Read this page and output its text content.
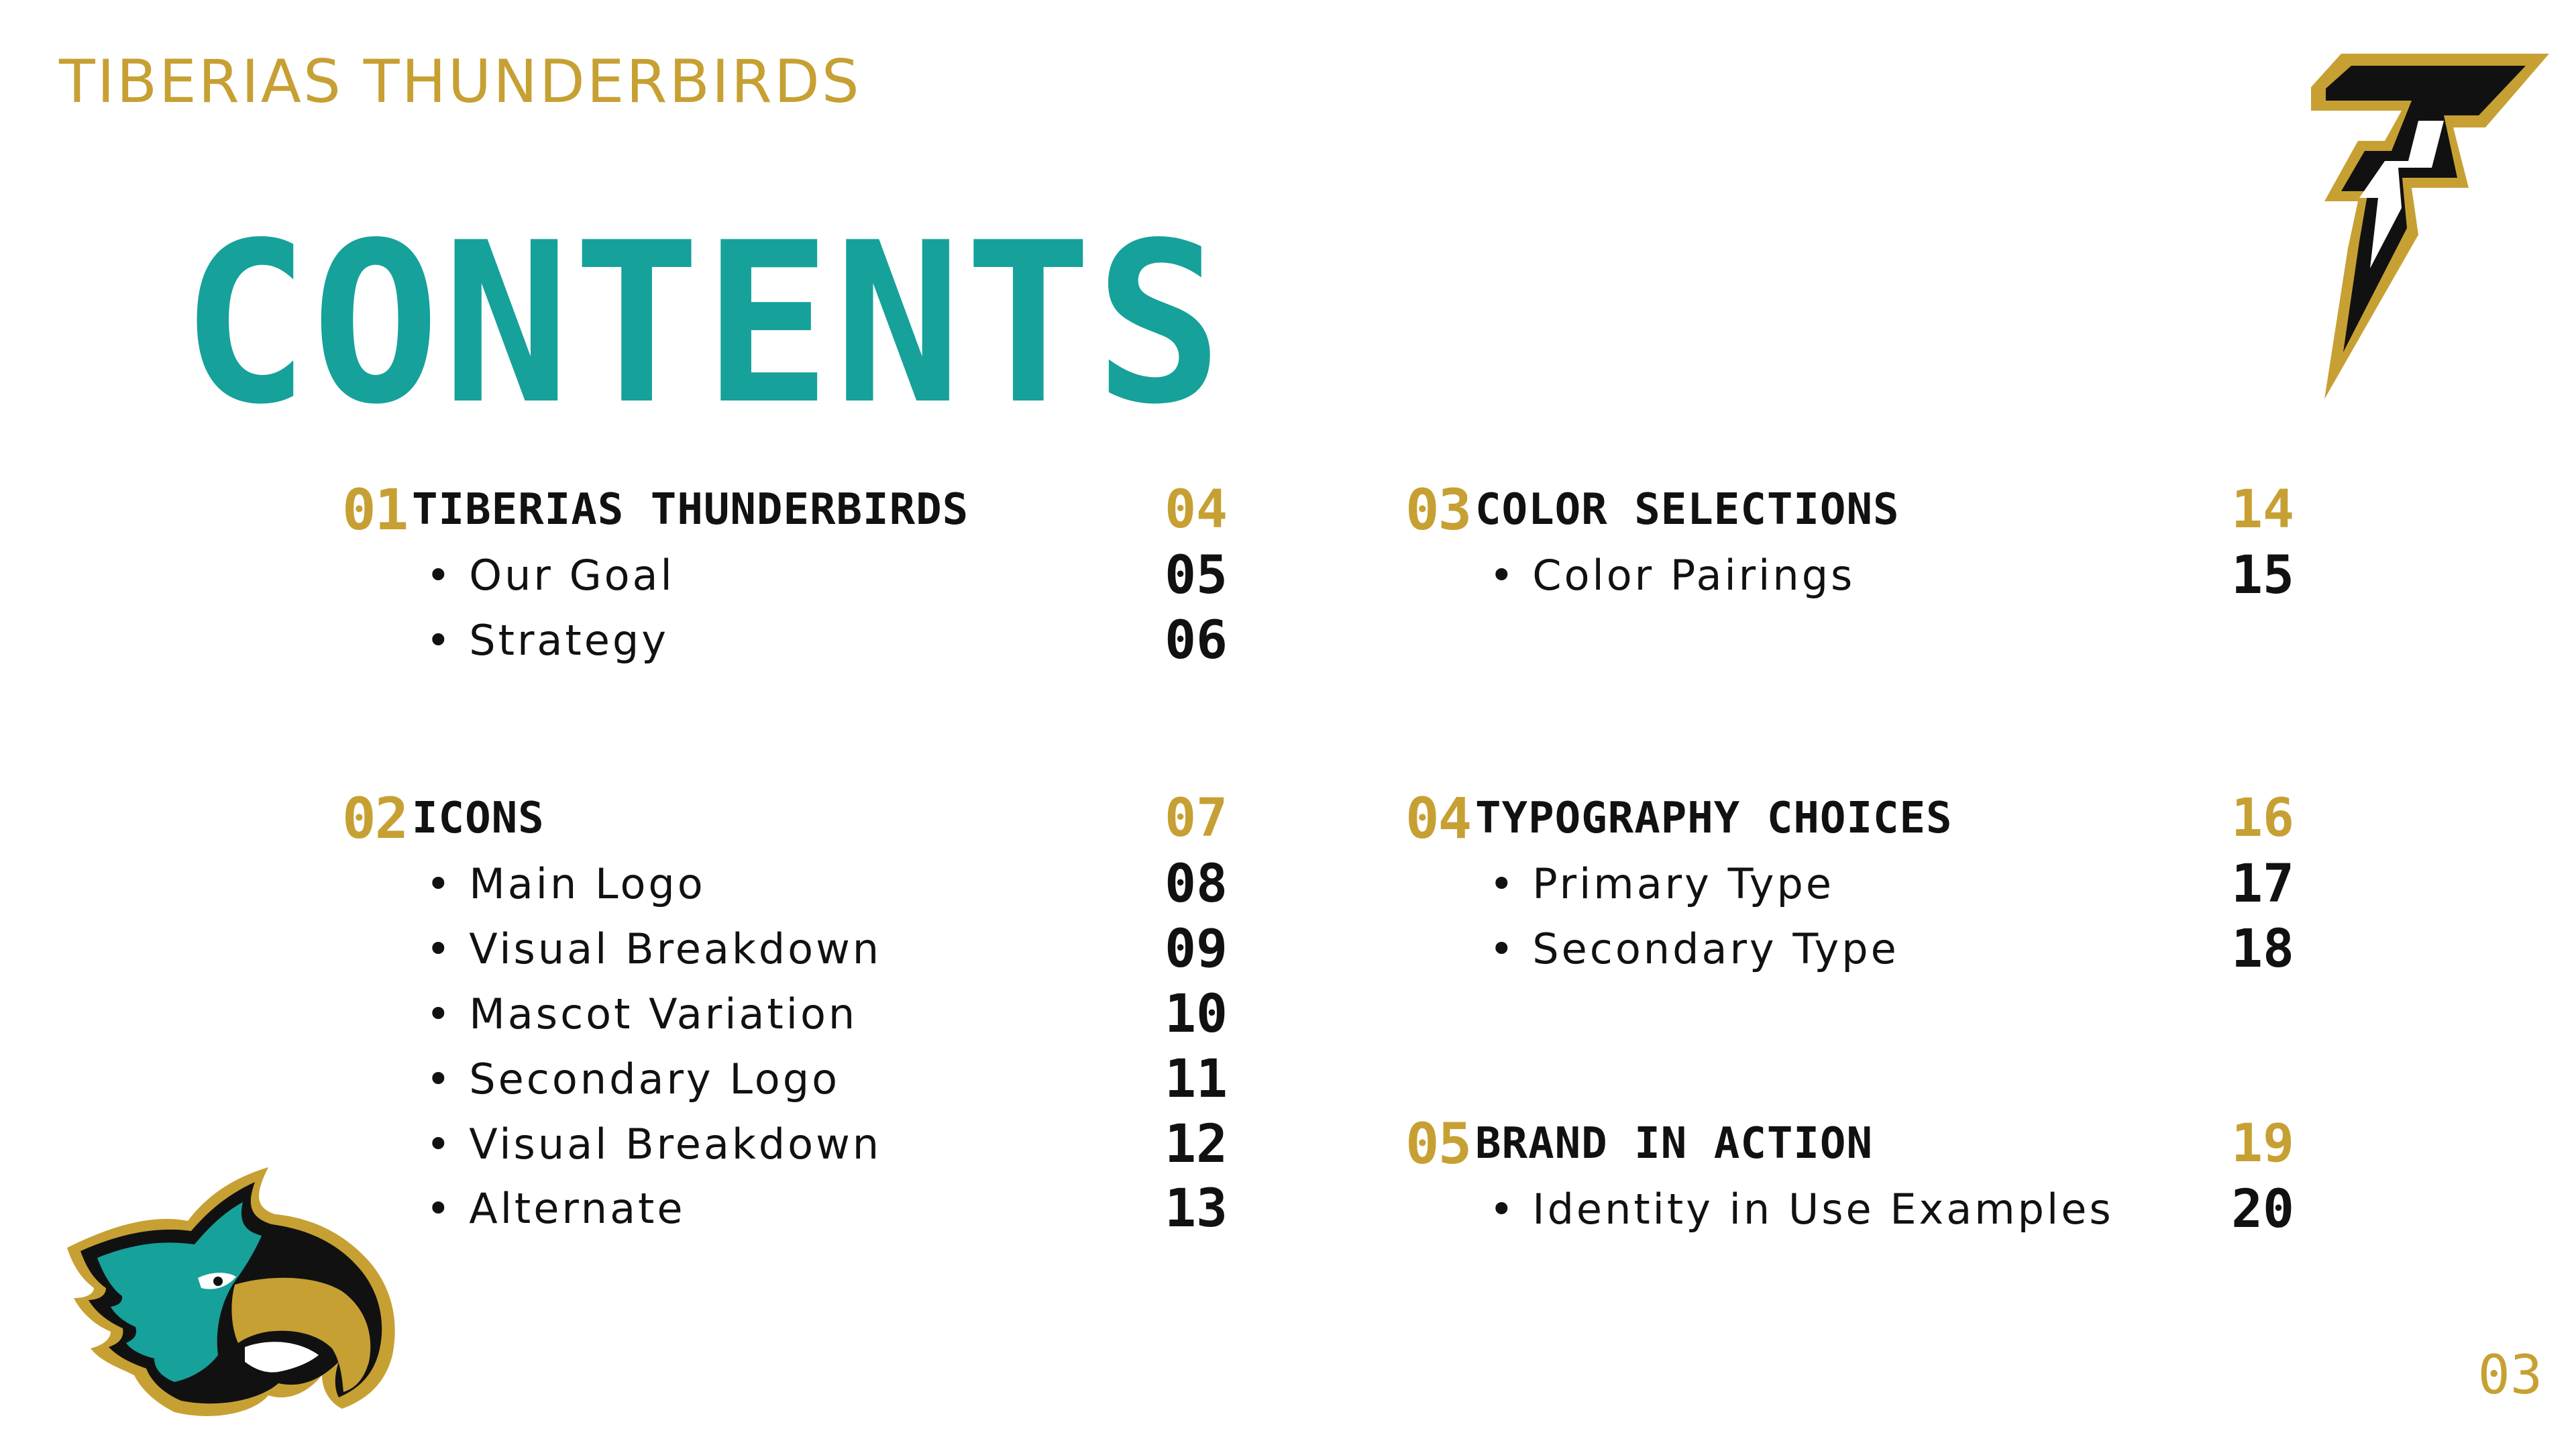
TIBERIAS THUNDERBIRDS
CONTENTS
01 TIBERIAS THUNDERBIRDS	04
• Our Goal	05
• Strategy	06
02 ICONS	07
• Main Logo	08
• Visual Breakdown	09
• Mascot Variation	10
• Secondary Logo	11
• Visual Breakdown	12
• Alternate	13
03 COLOR SELECTIONS	14
• Color Pairings	15
04 TYPOGRAPHY CHOICES	16
• Primary Type	17
• Secondary Type	18
05 BRAND IN ACTION	19
• Identity in Use Examples	20
03
